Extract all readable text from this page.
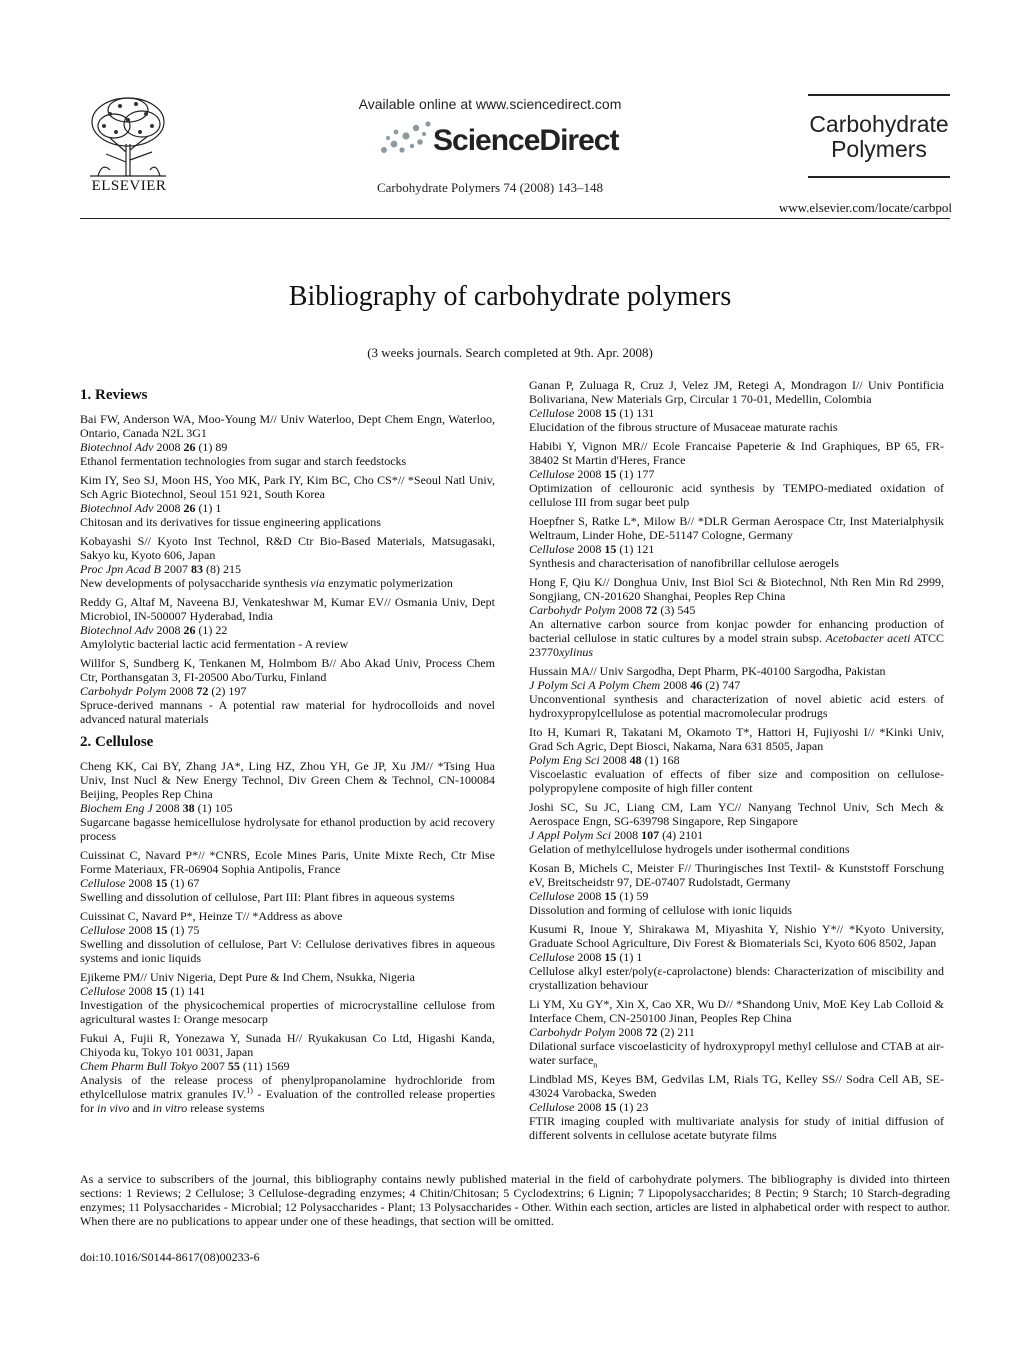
ELSEVIER
Available online at www.sciencedirect.com
ScienceDirect
Carbohydrate Polymers 74 (2008) 143–148
Carbohydrate
Polymers
www.elsevier.com/locate/carbpol
Bibliography of carbohydrate polymers
(3 weeks journals. Search completed at 9th. Apr. 2008)
1. Reviews
Bai FW, Anderson WA, Moo-Young M// Univ Waterloo, Dept Chem Engn, Waterloo, Ontario, Canada N2L 3G1
Biotechnol Adv 2008 26 (1) 89
Ethanol fermentation technologies from sugar and starch feedstocks
Kim IY, Seo SJ, Moon HS, Yoo MK, Park IY, Kim BC, Cho CS*// *Seoul Natl Univ, Sch Agric Biotechnol, Seoul 151 921, South Korea
Biotechnol Adv 2008 26 (1) 1
Chitosan and its derivatives for tissue engineering applications
Kobayashi S// Kyoto Inst Technol, R&D Ctr Bio-Based Materials, Matsugasaki, Sakyo ku, Kyoto 606, Japan
Proc Jpn Acad B 2007 83 (8) 215
New developments of polysaccharide synthesis via enzymatic polymerization
Reddy G, Altaf M, Naveena BJ, Venkateshwar M, Kumar EV// Osmania Univ, Dept Microbiol, IN-500007 Hyderabad, India
Biotechnol Adv 2008 26 (1) 22
Amylolytic bacterial lactic acid fermentation - A review
Willfor S, Sundberg K, Tenkanen M, Holmbom B// Abo Akad Univ, Process Chem Ctr, Porthansgatan 3, FI-20500 Abo/Turku, Finland
Carbohydr Polym 2008 72 (2) 197
Spruce-derived mannans - A potential raw material for hydrocolloids and novel advanced natural materials
2. Cellulose
Cheng KK, Cai BY, Zhang JA*, Ling HZ, Zhou YH, Ge JP, Xu JM// *Tsing Hua Univ, Inst Nucl & New Energy Technol, Div Green Chem & Technol, CN-100084 Beijing, Peoples Rep China
Biochem Eng J 2008 38 (1) 105
Sugarcane bagasse hemicellulose hydrolysate for ethanol production by acid recovery process
Cuissinat C, Navard P*// *CNRS, Ecole Mines Paris, Unite Mixte Rech, Ctr Mise Forme Materiaux, FR-06904 Sophia Antipolis, France
Cellulose 2008 15 (1) 67
Swelling and dissolution of cellulose, Part III: Plant fibres in aqueous systems
Cuissinat C, Navard P*, Heinze T// *Address as above
Cellulose 2008 15 (1) 75
Swelling and dissolution of cellulose, Part V: Cellulose derivatives fibres in aqueous systems and ionic liquids
Ejikeme PM// Univ Nigeria, Dept Pure & Ind Chem, Nsukka, Nigeria
Cellulose 2008 15 (1) 141
Investigation of the physicochemical properties of microcrystalline cellulose from agricultural wastes I: Orange mesocarp
Fukui A, Fujii R, Yonezawa Y, Sunada H// Ryukakusan Co Ltd, Higashi Kanda, Chiyoda ku, Tokyo 101 0031, Japan
Chem Pharm Bull Tokyo 2007 55 (11) 1569
Analysis of the release process of phenylpropanolamine hydrochloride from ethylcellulose matrix granules IV.$^{1)}$ - Evaluation of the controlled release properties for in vivo and in vitro release systems
Ganan P, Zuluaga R, Cruz J, Velez JM, Retegi A, Mondragon I// Univ Pontificia Bolivariana, New Materials Grp, Circular 1 70-01, Medellin, Colombia
Cellulose 2008 15 (1) 131
Elucidation of the fibrous structure of Musaceae maturate rachis
Habibi Y, Vignon MR// Ecole Francaise Papeterie & Ind Graphiques, BP 65, FR-38402 St Martin d'Heres, France
Cellulose 2008 15 (1) 177
Optimization of cellouronic acid synthesis by TEMPO-mediated oxidation of cellulose III from sugar beet pulp
Hoepfner S, Ratke L*, Milow B// *DLR German Aerospace Ctr, Inst Materialphysik Weltraum, Linder Hohe, DE-51147 Cologne, Germany
Cellulose 2008 15 (1) 121
Synthesis and characterisation of nanofibrillar cellulose aerogels
Hong F, Qiu K// Donghua Univ, Inst Biol Sci & Biotechnol, Nth Ren Min Rd 2999, Songjiang, CN-201620 Shanghai, Peoples Rep China
Carbohydr Polym 2008 72 (3) 545
An alternative carbon source from konjac powder for enhancing production of bacterial cellulose in static cultures by a model strain subsp. Acetobacter aceti ATCC 23770xylinus
Hussain MA// Univ Sargodha, Dept Pharm, PK-40100 Sargodha, Pakistan
J Polym Sci A Polym Chem 2008 46 (2) 747
Unconventional synthesis and characterization of novel abietic acid esters of hydroxypropylcellulose as potential macromolecular prodrugs
Ito H, Kumari R, Takatani M, Okamoto T*, Hattori H, Fujiyoshi I// *Kinki Univ, Grad Sch Agric, Dept Biosci, Nakama, Nara 631 8505, Japan
Polym Eng Sci 2008 48 (1) 168
Viscoelastic evaluation of effects of fiber size and composition on cellulose-polypropylene composite of high filler content
Joshi SC, Su JC, Liang CM, Lam YC// Nanyang Technol Univ, Sch Mech & Aerospace Engn, SG-639798 Singapore, Rep Singapore
J Appl Polym Sci 2008 107 (4) 2101
Gelation of methylcellulose hydrogels under isothermal conditions
Kosan B, Michels C, Meister F// Thuringisches Inst Textil- & Kunststoff Forschung eV, Breitscheidstr 97, DE-07407 Rudolstadt, Germany
Cellulose 2008 15 (1) 59
Dissolution and forming of cellulose with ionic liquids
Kusumi R, Inoue Y, Shirakawa M, Miyashita Y, Nishio Y*// *Kyoto University, Graduate School Agriculture, Div Forest & Biomaterials Sci, Kyoto 606 8502, Japan
Cellulose 2008 15 (1) 1
Cellulose alkyl ester/poly(ε-caprolactone) blends: Characterization of miscibility and crystallization behaviour
Li YM, Xu GY*, Xin X, Cao XR, Wu D// *Shandong Univ, MoE Key Lab Colloid & Interface Chem, CN-250100 Jinan, Peoples Rep China
Carbohydr Polym 2008 72 (2) 211
Dilational surface viscoelasticity of hydroxypropyl methyl cellulose and CTAB at air-water surface$_n$
Lindblad MS, Keyes BM, Gedvilas LM, Rials TG, Kelley SS// Sodra Cell AB, SE-43024 Varobacka, Sweden
Cellulose 2008 15 (1) 23
FTIR imaging coupled with multivariate analysis for study of initial diffusion of different solvents in cellulose acetate butyrate films
As a service to subscribers of the journal, this bibliography contains newly published material in the field of carbohydrate polymers. The bibliography is divided into thirteen sections: 1 Reviews; 2 Cellulose; 3 Cellulose-degrading enzymes; 4 Chitin/Chitosan; 5 Cyclodextrins; 6 Lignin; 7 Lipopolysaccharides; 8 Pectin; 9 Starch; 10 Starch-degrading enzymes; 11 Polysaccharides - Microbial; 12 Polysaccharides - Plant; 13 Polysaccharides - Other. Within each section, articles are listed in alphabetical order with respect to author. When there are no publications to appear under one of these headings, that section will be omitted.
doi:10.1016/S0144-8617(08)00233-6
